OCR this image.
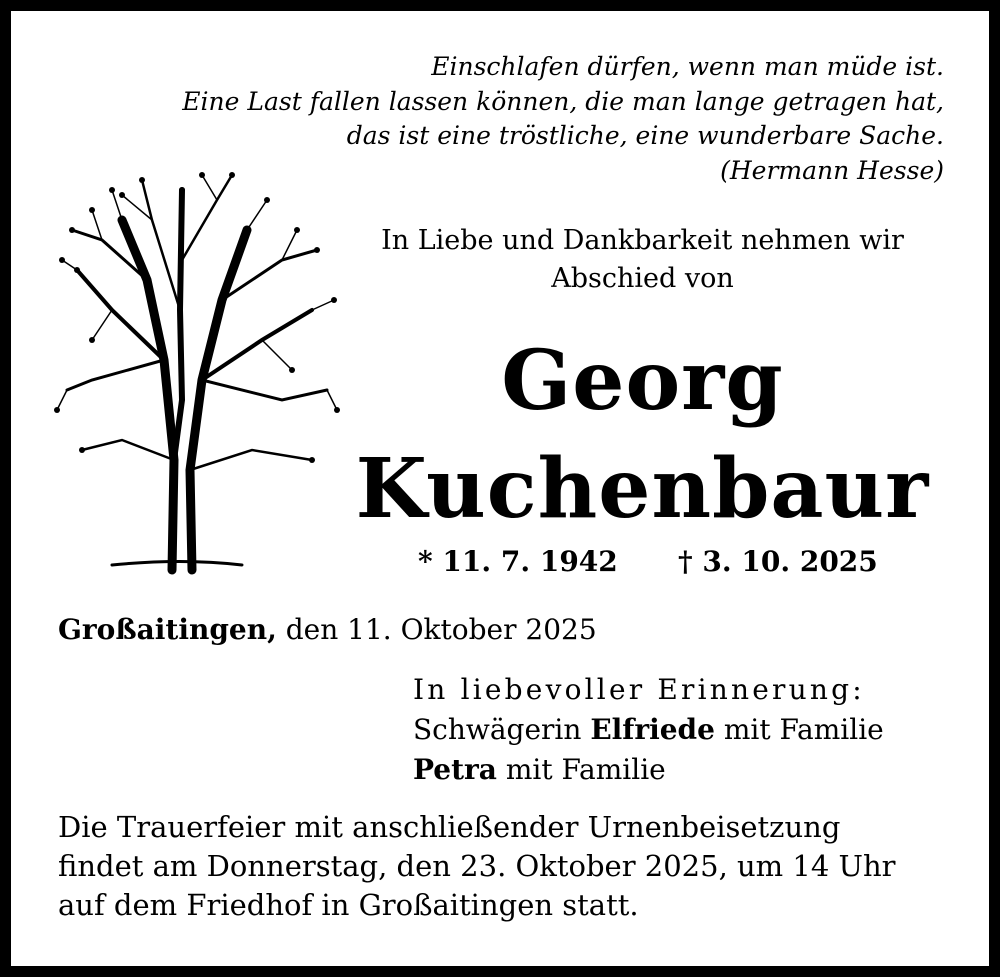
Einschlafen dürfen, wenn man müde ist.
Eine Last fallen lassen können, die man lange getragen hat,
das ist eine tröstliche, eine wunderbare Sache.
(Hermann Hesse)
In Liebe und Dankbarkeit nehmen wir
Abschied von
Georg
Kuchenbaur
* 11. 7. 1942 † 3. 10. 2025
Großaitingen, den 11. Oktober 2025
In liebevoller Erinnerung:
Schwägerin Elfriede mit Familie
Petra mit Familie
Die Trauerfeier mit anschließender Urnenbeisetzung
findet am Donnerstag, den 23. Oktober 2025, um 14 Uhr
auf dem Friedhof in Großaitingen statt.
